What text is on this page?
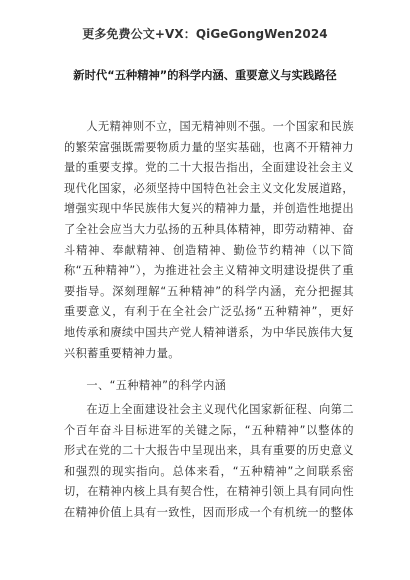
更多免费公文+VX：QiGeGongWen2024
新时代“五种精神”的科学内涵、重要意义与实践路径

人无精神则不立，国无精神则不强。一个国家和民族的繁荣富强既需要物质力量的坚实基础，也离不开精神力量的重要支撑。党的二十大报告指出，全面建设社会主义现代化国家，必须坚持中国特色社会主义文化发展道路，增强实现中华民族伟大复兴的精神力量，并创造性地提出了全社会应当大力弘扬的五种具体精神，即劳动精神、奋斗精神、奉献精神、创造精神、勤俭节约精神（以下简称“五种精神”），为推进社会主义精神文明建设提供了重要指导。深刻理解“五种精神”的科学内涵，充分把握其重要意义，有利于在全社会广泛弘扬“五种精神”，更好地传承和赓续中国共产党人精神谱系，为中华民族伟大复兴积蓄重要精神力量。

一、“五种精神”的科学内涵

在迈上全面建设社会主义现代化国家新征程、向第二个百年奋斗目标进军的关键之际，“五种精神”以整体的形式在党的二十大报告中呈现出来，具有重要的历史意义和强烈的现实指向。总体来看，“五种精神”之间联系密切，在精神内核上具有契合性，在精神引领上具有同向性在精神价值上具有一致性，因而形成一个有机统一的整体
